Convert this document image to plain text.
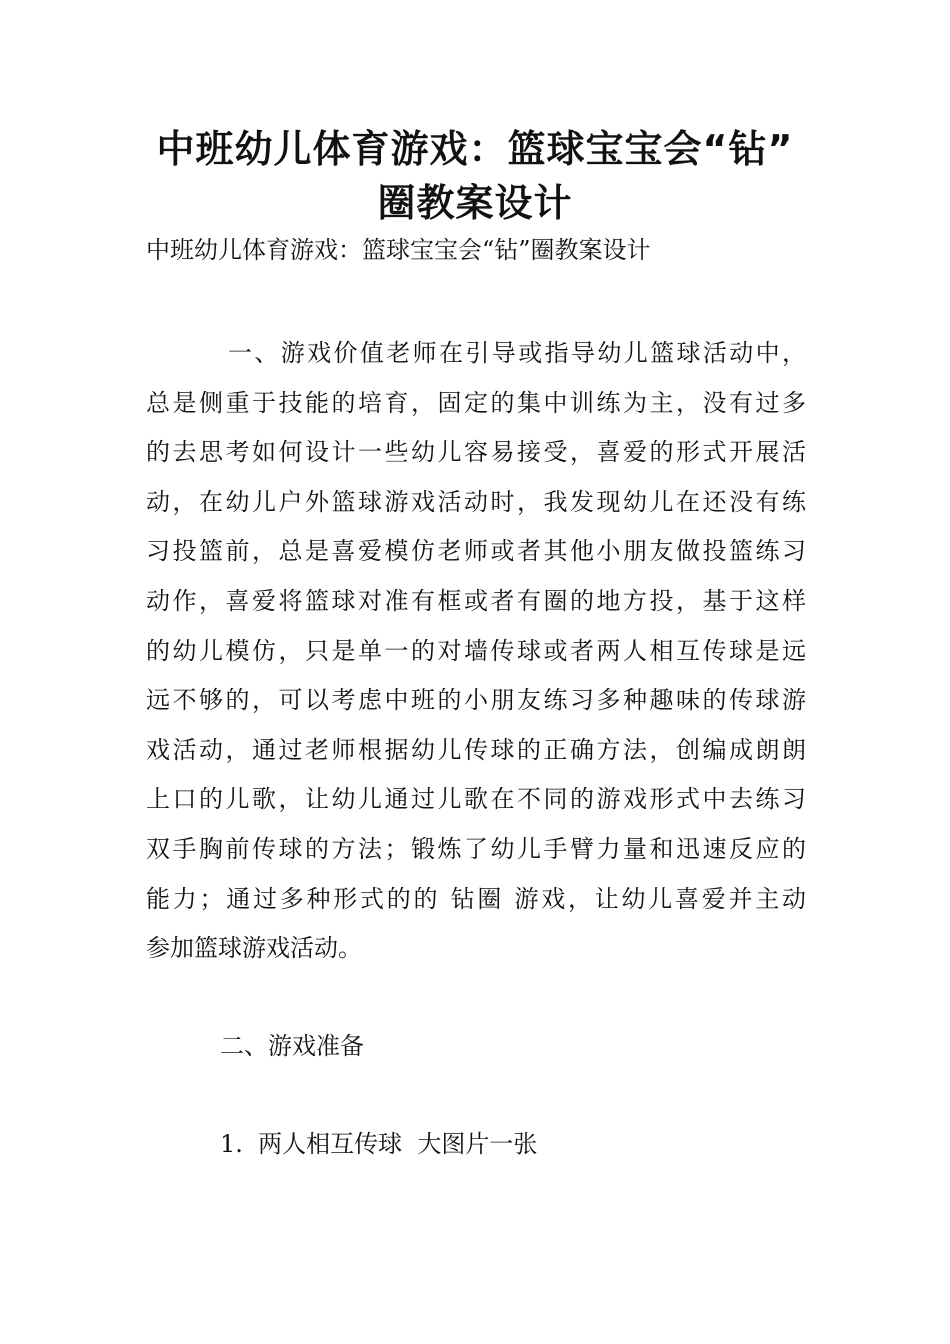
中班幼儿体育游戏：篮球宝宝会“钻”
圈教案设计
中班幼儿体育游戏：篮球宝宝会“钻”圈教案设计
一、游戏价值老师在引导或指导幼儿篮球活动中，
总是侧重于技能的培育，固定的集中训练为主，没有过多
的去思考如何设计一些幼儿容易接受，喜爱的形式开展活
动，在幼儿户外篮球游戏活动时，我发现幼儿在还没有练
习投篮前，总是喜爱模仿老师或者其他小朋友做投篮练习
动作，喜爱将篮球对准有框或者有圈的地方投，基于这样
的幼儿模仿，只是单一的对墙传球或者两人相互传球是远
远不够的，可以考虑中班的小朋友练习多种趣味的传球游
戏活动，通过老师根据幼儿传球的正确方法，创编成朗朗
上口的儿歌，让幼儿通过儿歌在不同的游戏形式中去练习
双手胸前传球的方法；锻炼了幼儿手臂力量和迅速反应的
能力；通过多种形式的的 钻圈 游戏，让幼儿喜爱并主动
参加篮球游戏活动。
二、游戏准备
1.  两人相互传球  大图片一张
